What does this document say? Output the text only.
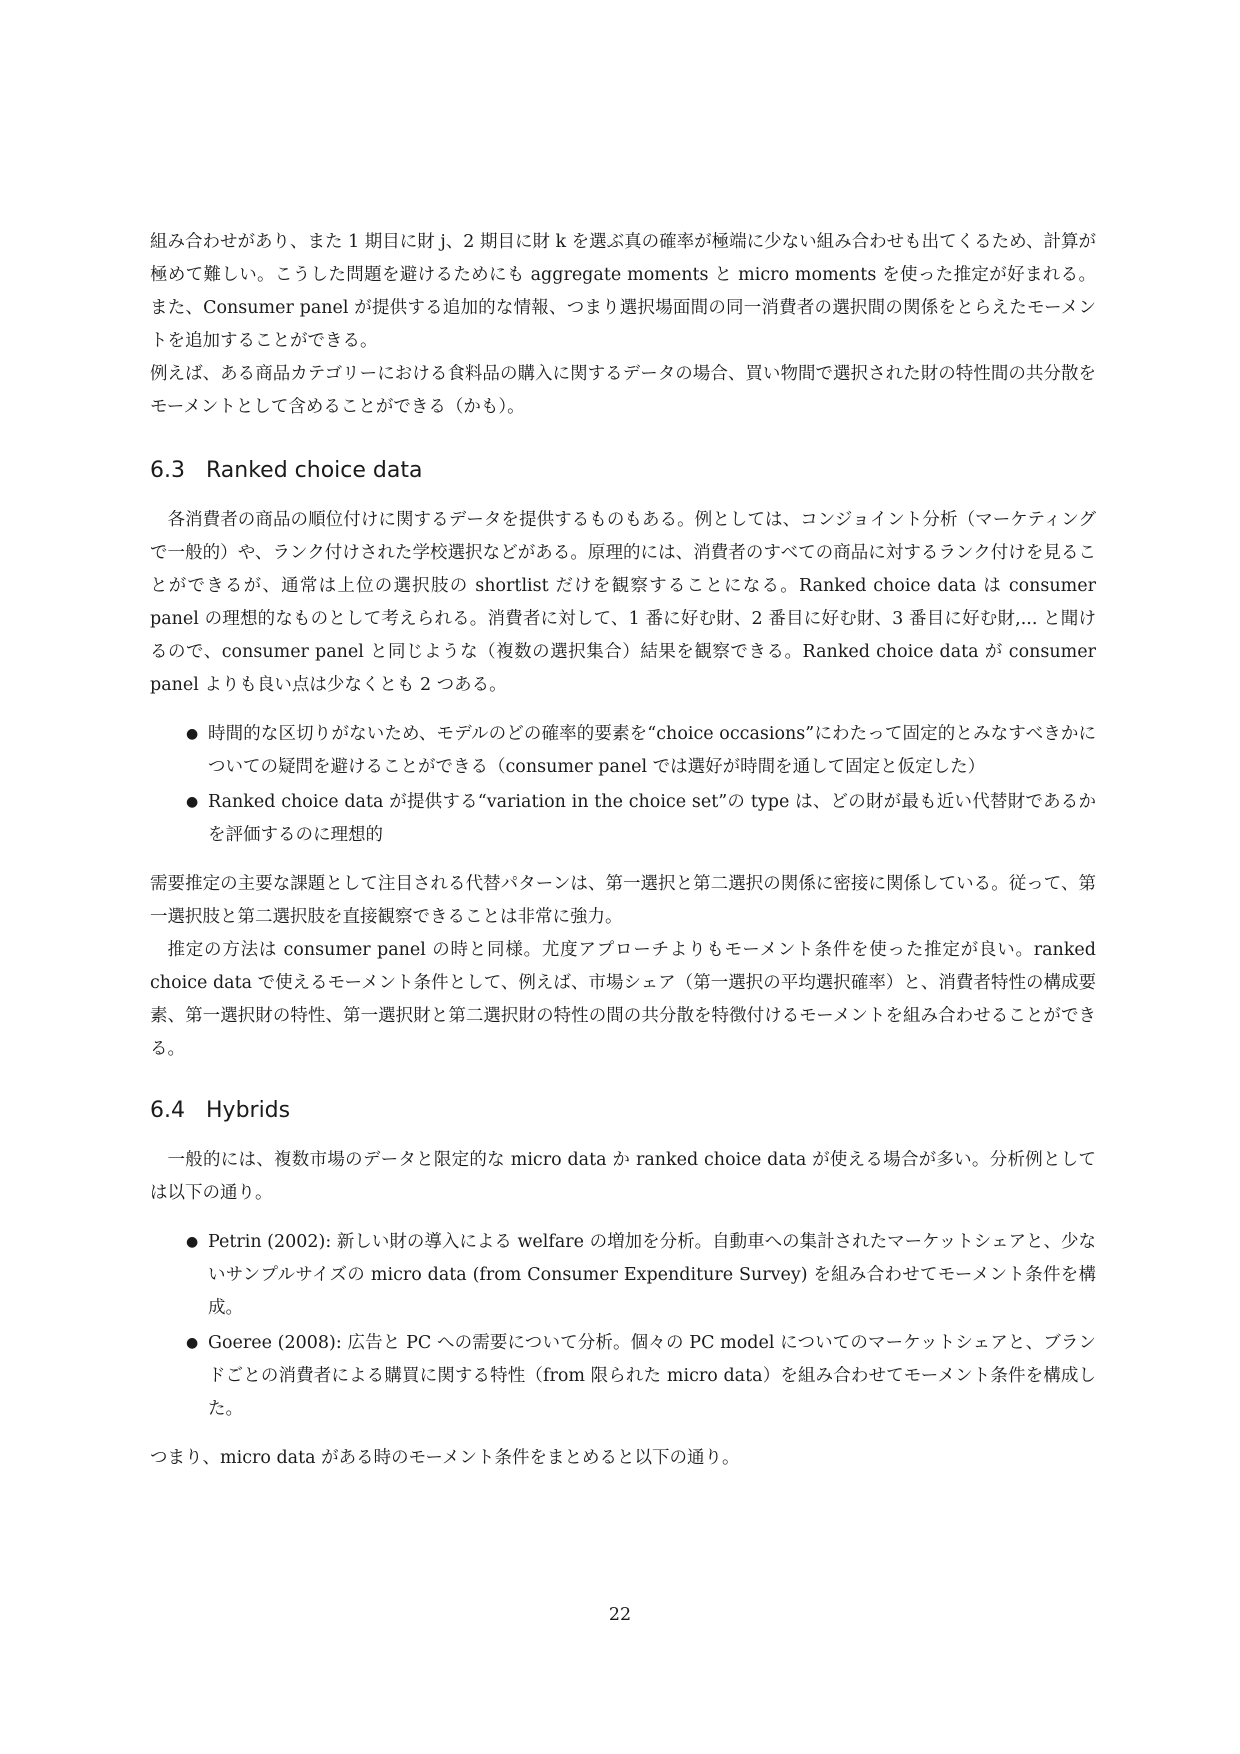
組み合わせがあり、また 1 期目に財 j、2 期目に財 k を選ぶ真の確率が極端に少ない組み合わせも出てくるため、計算が極めて難しい。こうした問題を避けるためにも aggregate moments と micro moments を使った推定が好まれる。また、Consumer panel が提供する追加的な情報、つまり選択場面間の同一消費者の選択間の関係をとらえたモーメントを追加することができる。

例えば、ある商品カテゴリーにおける食料品の購入に関するデータの場合、買い物間で選択された財の特性間の共分散をモーメントとして含めることができる（かも）。

6.3 Ranked choice data

各消費者の商品の順位付けに関するデータを提供するものもある。例としては、コンジョイント分析（マーケティングで一般的）や、ランク付けされた学校選択などがある。原理的には、消費者のすべての商品に対するランク付けを見ることができるが、通常は上位の選択肢の shortlist だけを観察することになる。Ranked choice data は consumer panel の理想的なものとして考えられる。消費者に対して、1 番に好む財、2 番目に好む財、3 番目に好む財,... と聞けるので、consumer panel と同じような（複数の選択集合）結果を観察できる。Ranked choice data が consumer panel よりも良い点は少なくとも 2 つある。

● 時間的な区切りがないため、モデルのどの確率的要素を“choice occasions”にわたって固定的とみなすべきかについての疑問を避けることができる（consumer panel では選好が時間を通して固定と仮定した）
● Ranked choice data が提供する“variation in the choice set”の type は、どの財が最も近い代替財であるかを評価するのに理想的

需要推定の主要な課題として注目される代替パターンは、第一選択と第二選択の関係に密接に関係している。従って、第一選択肢と第二選択肢を直接観察できることは非常に強力。

推定の方法は consumer panel の時と同様。尤度アプローチよりもモーメント条件を使った推定が良い。ranked choice data で使えるモーメント条件として、例えば、市場シェア（第一選択の平均選択確率）と、消費者特性の構成要素、第一選択財の特性、第一選択財と第二選択財の特性の間の共分散を特徴付けるモーメントを組み合わせることができる。

6.4 Hybrids

一般的には、複数市場のデータと限定的な micro data か ranked choice data が使える場合が多い。分析例としては以下の通り。

● Petrin (2002): 新しい財の導入による welfare の増加を分析。自動車への集計されたマーケットシェアと、少ないサンプルサイズの micro data (from Consumer Expenditure Survey) を組み合わせてモーメント条件を構成。
● Goeree (2008): 広告と PC への需要について分析。個々の PC model についてのマーケットシェアと、ブランドごとの消費者による購買に関する特性（from 限られた micro data）を組み合わせてモーメント条件を構成した。

つまり、micro data がある時のモーメント条件をまとめると以下の通り。

22
